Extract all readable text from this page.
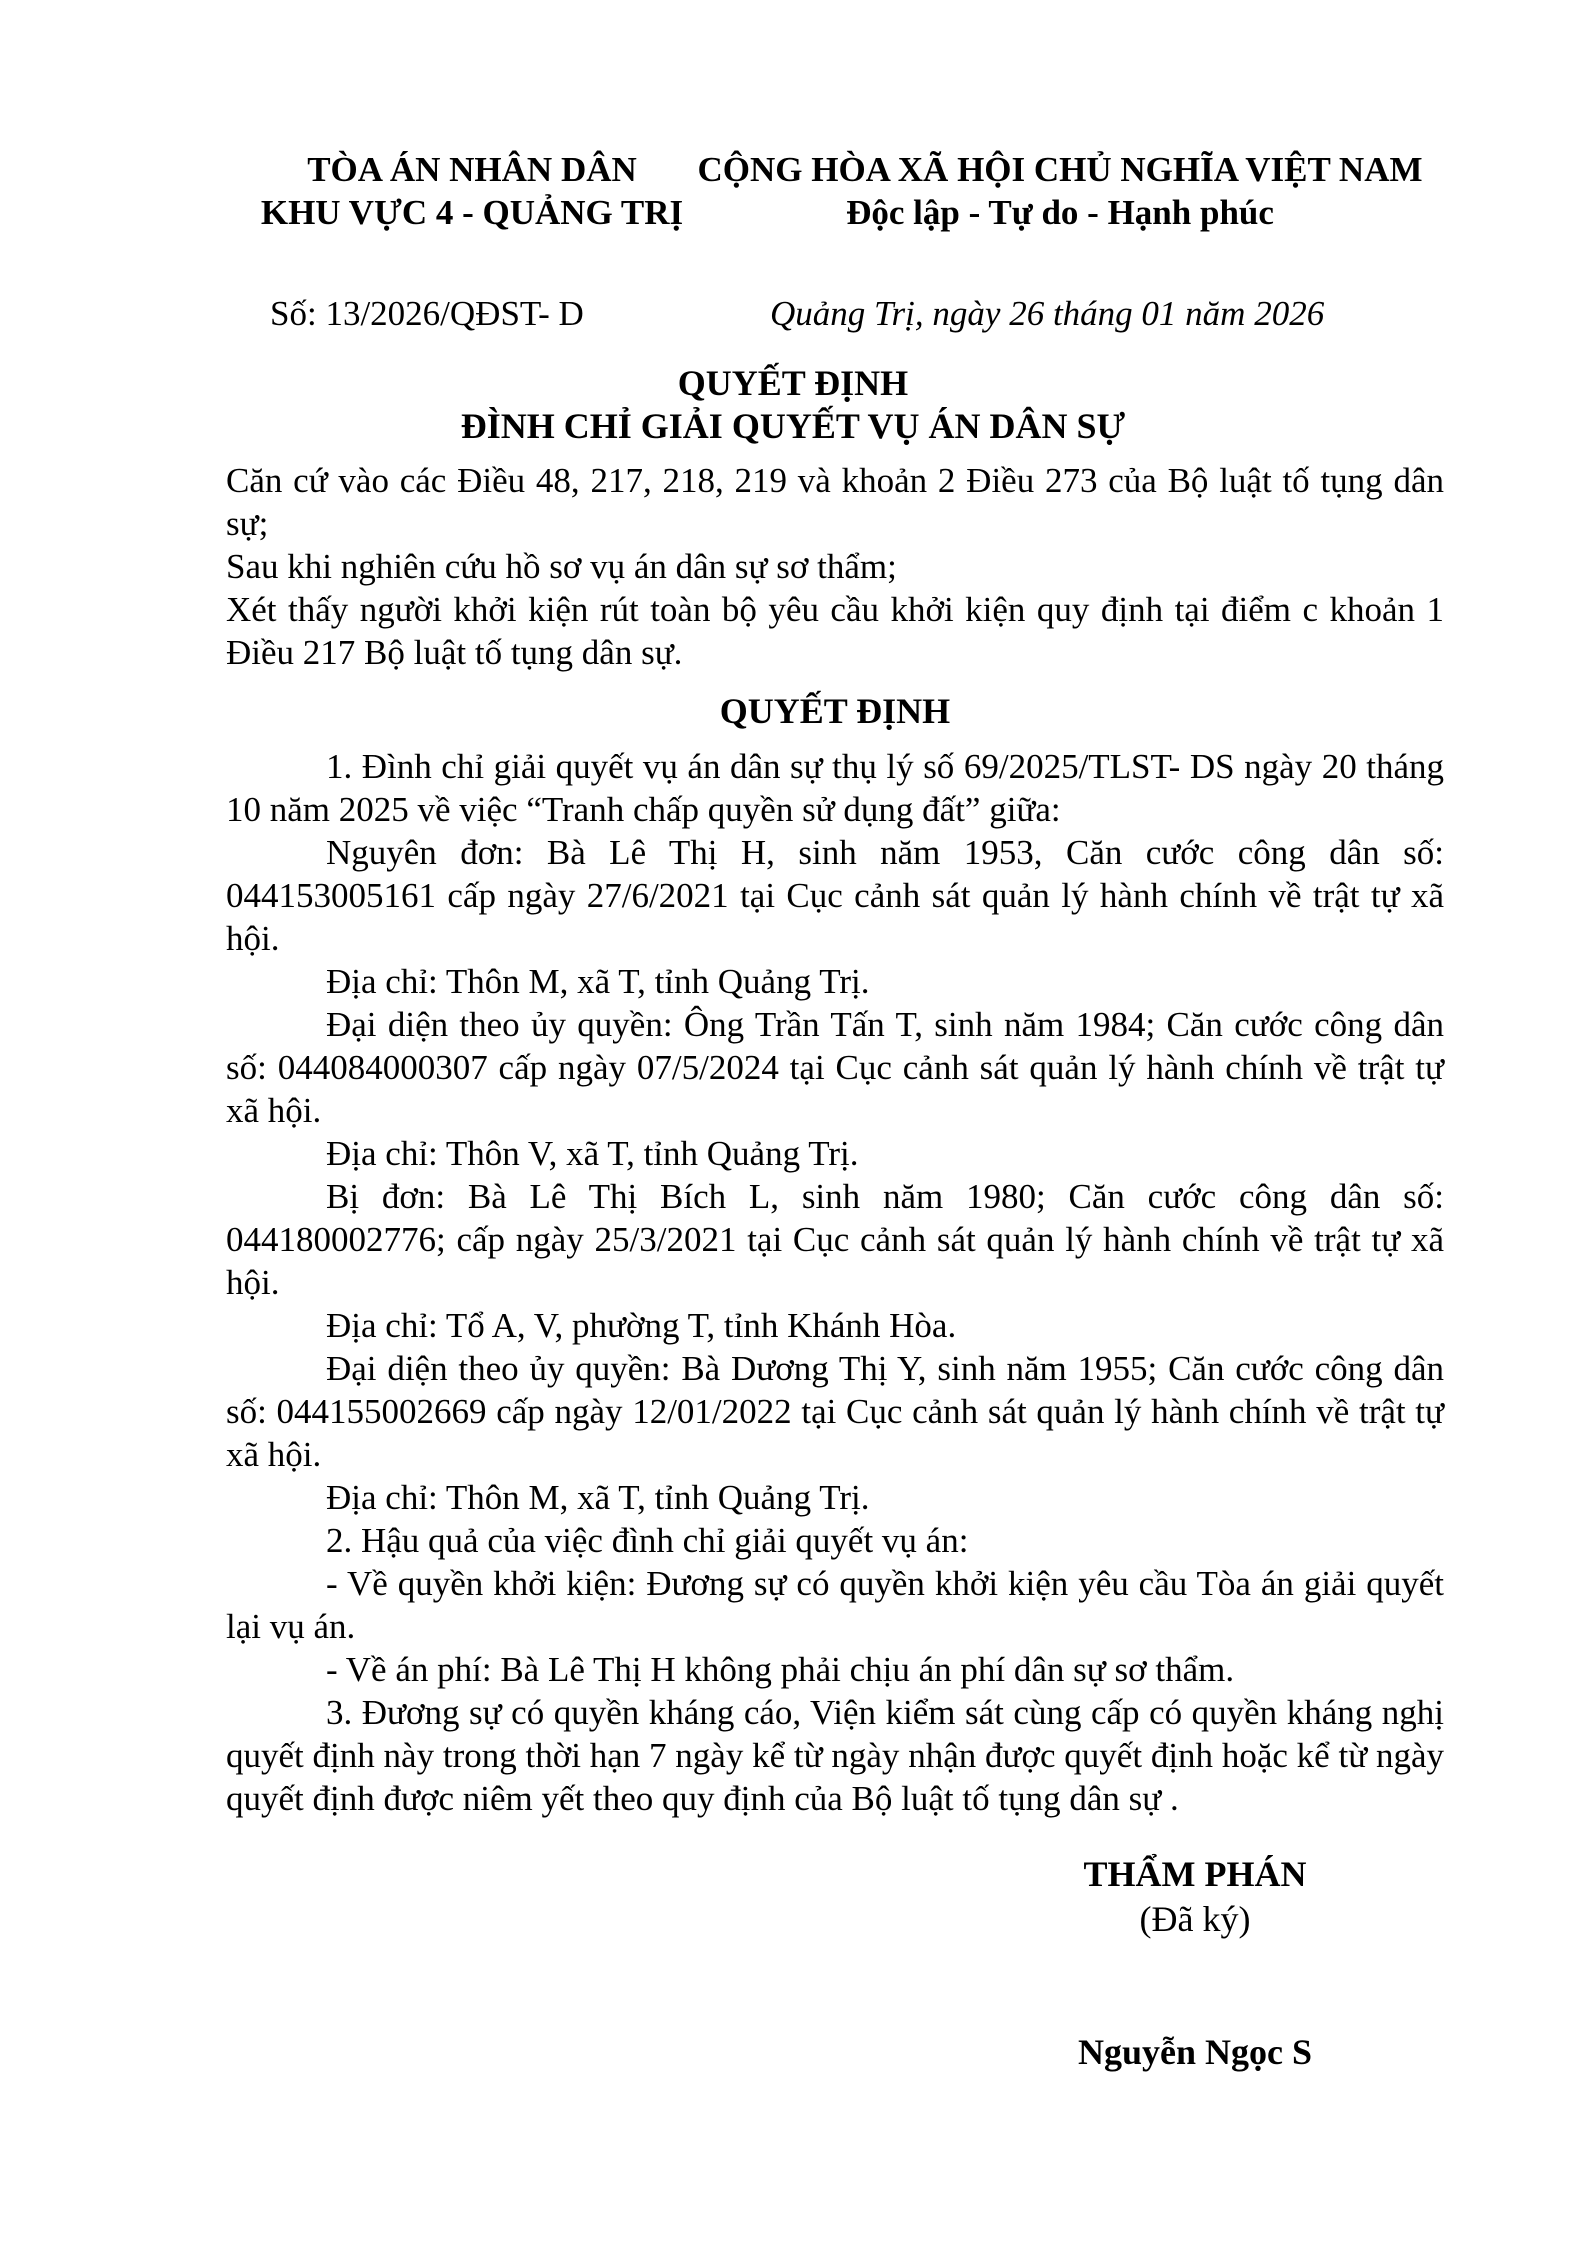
TÒA ÁN NHÂN DÂN
KHU VỰC 4 - QUẢNG TRỊ
CỘNG HÒA XÃ HỘI CHỦ NGHĨA VIỆT NAM
Độc lập - Tự do - Hạnh phúc
Số: 13/2026/QĐST- D	Quảng Trị, ngày 26 tháng 01 năm 2026
QUYẾT ĐỊNH
ĐÌNH CHỈ GIẢI QUYẾT VỤ ÁN DÂN SỰ

Căn cứ vào các Điều 48, 217, 218, 219 và khoản 2 Điều 273 của Bộ luật tố tụng dân sự;

Sau khi nghiên cứu hồ sơ vụ án dân sự sơ thẩm;

Xét thấy người khởi kiện rút toàn bộ yêu cầu khởi kiện quy định tại điểm c khoản 1 Điều 217 Bộ luật tố tụng dân sự.

QUYẾT ĐỊNH

1. Đình chỉ giải quyết vụ án dân sự thụ lý số 69/2025/TLST- DS ngày 20 tháng 10 năm 2025 về việc “Tranh chấp quyền sử dụng đất” giữa:

Nguyên đơn: Bà Lê Thị H, sinh năm 1953, Căn cước công dân số: 044153005161 cấp ngày 27/6/2021 tại Cục cảnh sát quản lý hành chính về trật tự xã hội.

Địa chỉ: Thôn M, xã T, tỉnh Quảng Trị.

Đại diện theo ủy quyền: Ông Trần Tấn T, sinh năm 1984; Căn cước công dân số: 044084000307 cấp ngày 07/5/2024 tại Cục cảnh sát quản lý hành chính về trật tự xã hội.

Địa chỉ: Thôn V, xã T, tỉnh Quảng Trị.

Bị đơn: Bà Lê Thị Bích L, sinh năm 1980; Căn cước công dân số: 044180002776; cấp ngày 25/3/2021 tại Cục cảnh sát quản lý hành chính về trật tự xã hội.

Địa chỉ: Tổ A, V, phường T, tỉnh Khánh Hòa.

Đại diện theo ủy quyền: Bà Dương Thị Y, sinh năm 1955; Căn cước công dân số: 044155002669 cấp ngày 12/01/2022 tại Cục cảnh sát quản lý hành chính về trật tự xã hội.

Địa chỉ: Thôn M, xã T, tỉnh Quảng Trị.

2. Hậu quả của việc đình chỉ giải quyết vụ án:

- Về quyền khởi kiện: Đương sự có quyền khởi kiện yêu cầu Tòa án giải quyết lại vụ án.

- Về án phí: Bà Lê Thị H không phải chịu án phí dân sự sơ thẩm.

3. Đương sự có quyền kháng cáo, Viện kiểm sát cùng cấp có quyền kháng nghị quyết định này trong thời hạn 7 ngày kể từ ngày nhận được quyết định hoặc kể từ ngày quyết định được niêm yết theo quy định của Bộ luật tố tụng dân sự .

THẨM PHÁN
(Đã ký)
Nguyễn Ngọc S
